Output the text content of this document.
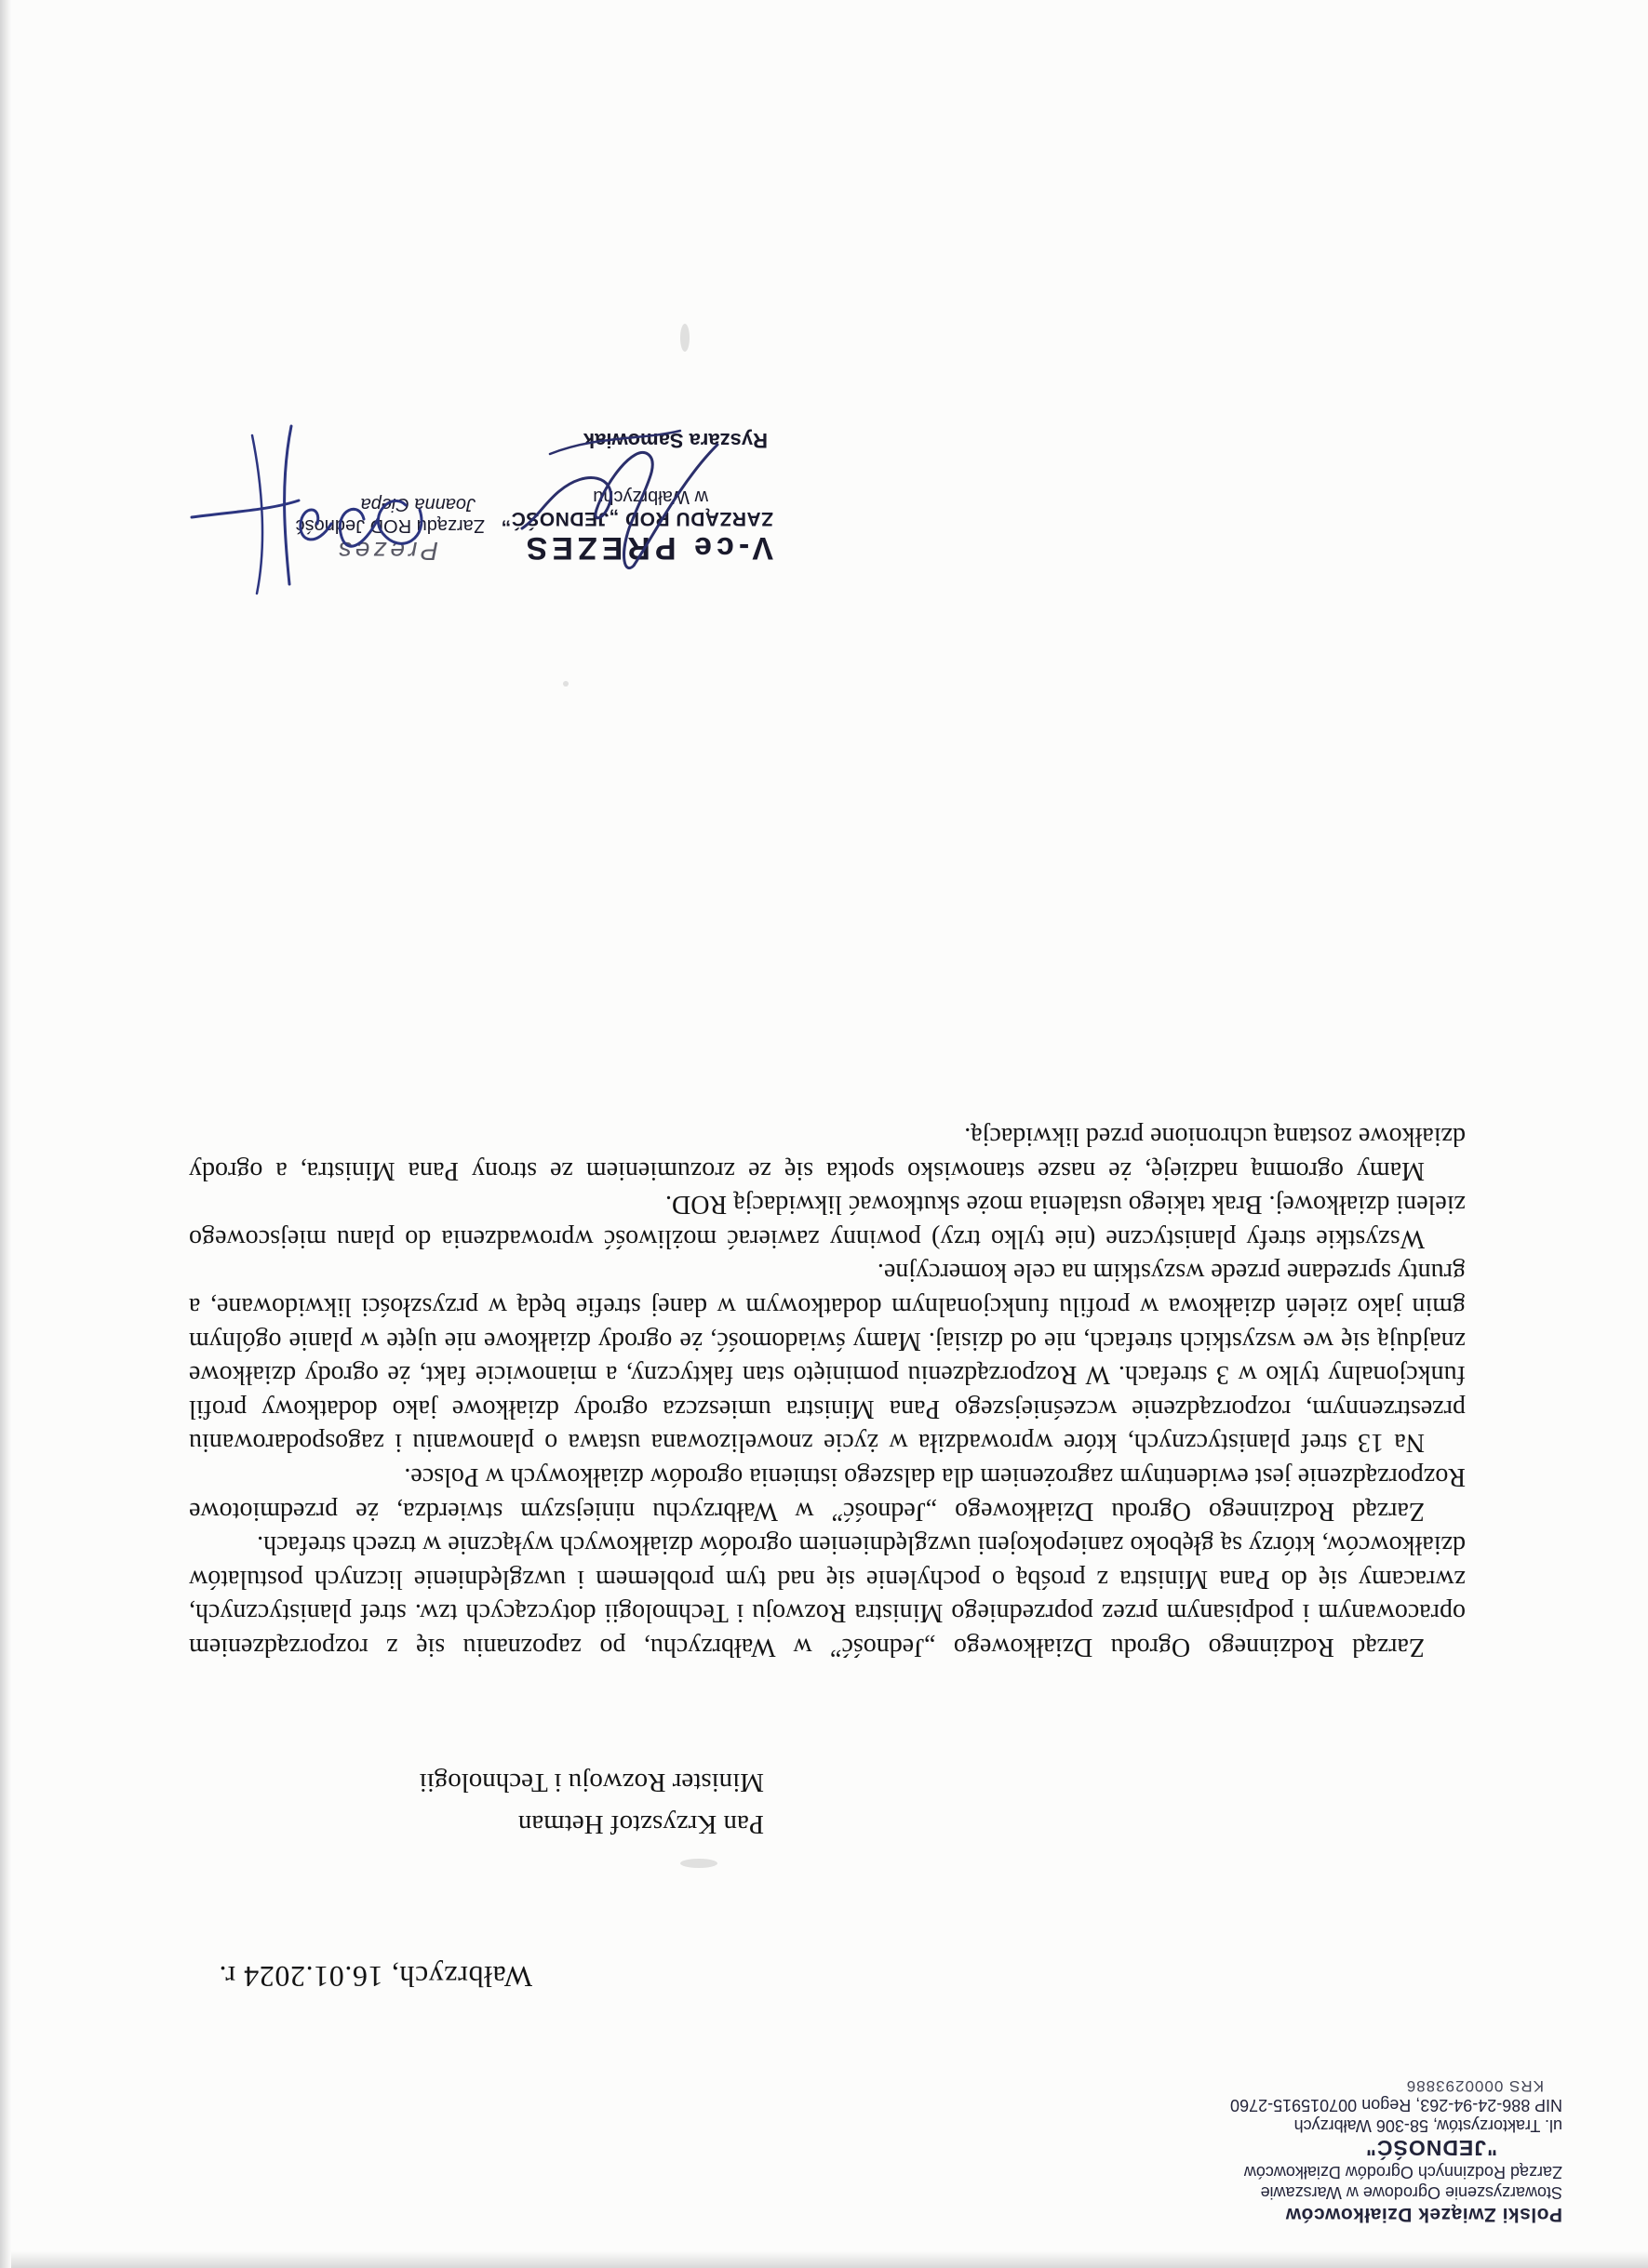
Polski Związek Działkowców
Stowarzyszenie Ogrodowe w Warszawie
Zarząd Rodzinnych Ogrodów Działkowców
"JEDNOŚĆ"
ul. Traktorzystów, 58-306 Wałbrzych
NIP 886-24-94-263, Regon 007015915-2760
KRS 0000293886
Wałbrzych, 16.01.2024 r.
Pan Krzysztof Hetman
Minister Rozwoju i Technologii

Zarząd Rodzinnego Ogrodu Działkowego „Jedność” w Wałbrzychu, po zapoznaniu się z rozporządzeniem opracowanym i podpisanym przez poprzedniego Ministra Rozwoju i Technologii dotyczących tzw. stref planistycznych, zwracamy się do Pana Ministra z prośbą o pochylenie się nad tym problemem i uwzględnienie licznych postulatów działkowców, którzy są głęboko zaniepokojeni uwzględnieniem ogrodów działkowych wyłącznie w trzech strefach.

Zarząd Rodzinnego Ogrodu Działkowego „Jedność” w Wałbrzychu niniejszym stwierdza, że przedmiotowe Rozporządzenie jest ewidentnym zagrożeniem dla dalszego istnienia ogrodów działkowych w Polsce.

Na 13 stref planistycznych, które wprowadziła w życie znowelizowana ustawa o planowaniu i zagospodarowaniu przestrzennym, rozporządzenie wcześniejszego Pana Ministra umieszcza ogrody działkowe jako dodatkowy profil funkcjonalny tylko w 3 strefach. W Rozporządzeniu pominięto stan faktyczny, a mianowicie fakt, że ogrody działkowe znajdują się we wszystkich strefach, nie od dzisiaj. Mamy świadomość, że ogrody działkowe nie ujęte w planie ogólnym gmin jako zieleń działkowa w profilu funkcjonalnym dodatkowym w danej strefie będą w przyszłości likwidowane, a grunty sprzedane przede wszystkim na cele komercyjne.

Wszystkie strefy planistyczne (nie tylko trzy) powinny zawierać możliwość wprowadzenia do planu miejscowego zieleni działkowej. Brak takiego ustalenia może skutkować likwidacją ROD.

Mamy ogromną nadzieję, że nasze stanowisko spotka się ze zrozumieniem ze strony Pana Ministra, a ogrody działkowe zostaną uchronione przed likwidacją.

V-ce PREZES
ZARZĄDU ROD „JEDNOŚĆ”
w Wałbrzychu
Ryszara Samowiak
Prezes
Zarządu ROD Jedność
Joanna Ciepa
